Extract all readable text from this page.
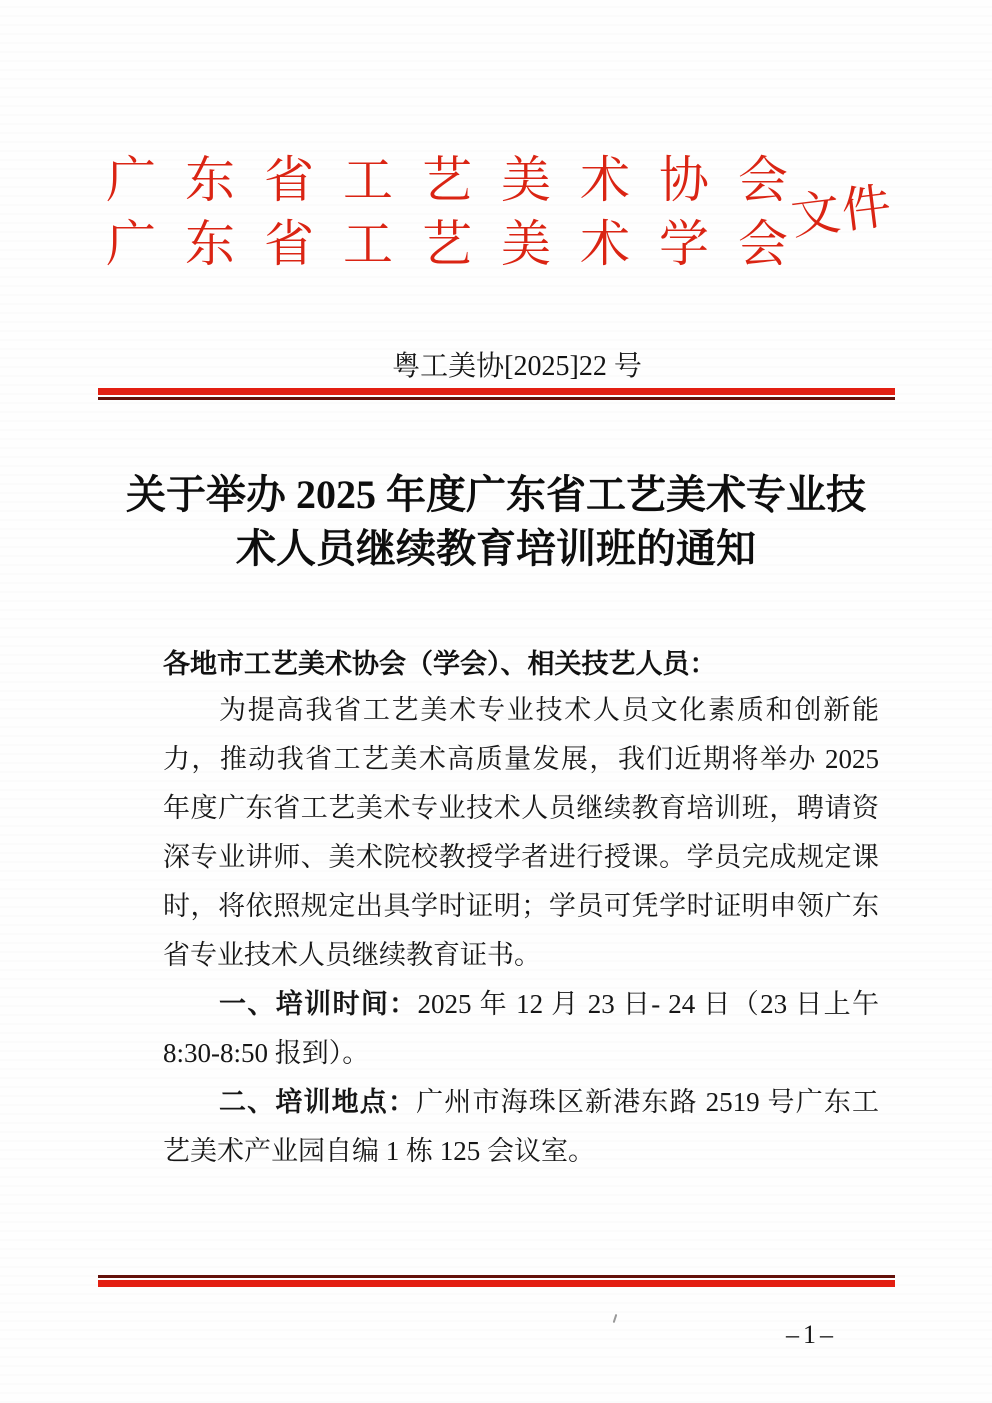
广 东 省 工 艺 美 术 协 会
广 东 省 工 艺 美 术 学 会 文件
粤工美协[2025]22 号
关于举办 2025 年度广东省工艺美术专业技
术人员继续教育培训班的通知
各地市工艺美术协会（学会）、相关技艺人员：
为提高我省工艺美术专业技术人员文化素质和创新能
力，推动我省工艺美术高质量发展，我们近期将举办 2025
年度广东省工艺美术专业技术人员继续教育培训班，聘请资
深专业讲师、美术院校教授学者进行授课。学员完成规定课
时，将依照规定出具学时证明；学员可凭学时证明申领广东
省专业技术人员继续教育证书。
一、培训时间：2025 年 12 月 23 日- 24 日（23 日上午
8:30-8:50 报到）。
二、培训地点：广州市海珠区新港东路 2519 号广东工
艺美术产业园自编 1 栋 125 会议室。
–1–
